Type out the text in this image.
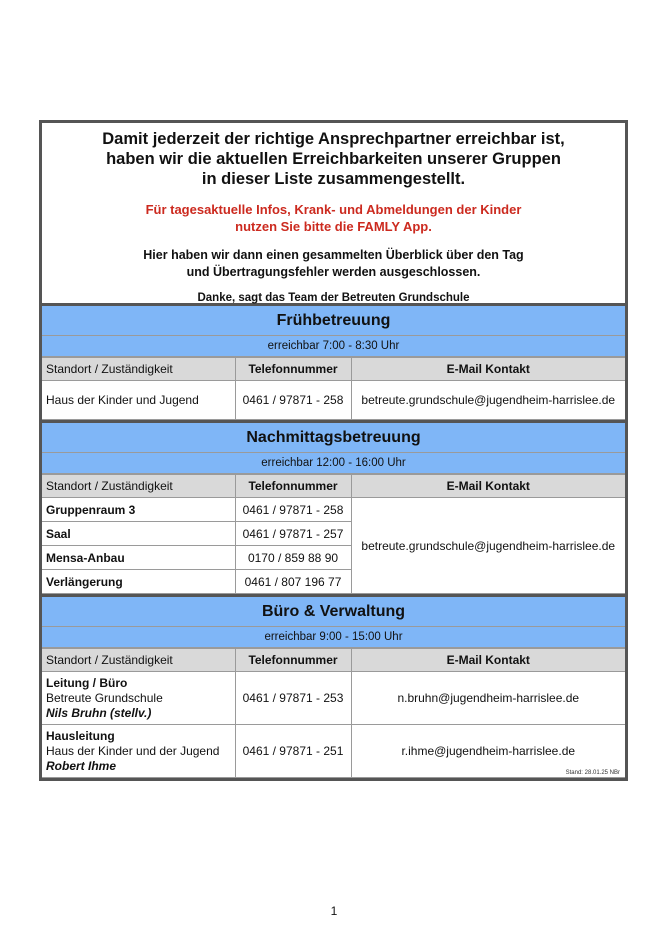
Damit jederzeit der richtige Ansprechpartner erreichbar ist,
haben wir die aktuellen Erreichbarkeiten unserer Gruppen
in dieser Liste zusammengestellt.
Für tagesaktuelle Infos, Krank- und Abmeldungen der Kinder
nutzen Sie bitte die FAMLY App.
Hier haben wir dann einen gesammelten Überblick über den Tag
und Übertragungsfehler werden ausgeschlossen.
Danke, sagt das Team der Betreuten Grundschule
Frühbetreuung
erreichbar 7:00 - 8:30 Uhr
Standort / Zuständigkeit	Telefonnummer	E-Mail Kontakt
Haus der Kinder und Jugend	0461 / 97871 - 258	betreute.grundschule@jugendheim-harrislee.de
Nachmittagsbetreuung
erreichbar 12:00 - 16:00 Uhr
Standort / Zuständigkeit	Telefonnummer	E-Mail Kontakt
Gruppenraum 3	0461 / 97871 - 258	betreute.grundschule@jugendheim-harrislee.de
Saal	0461 / 97871 - 257	
Mensa-Anbau	0170 / 859 88 90	
Verlängerung	0461 / 807 196 77	
Büro & Verwaltung
erreichbar 9:00 - 15:00 Uhr
Standort / Zuständigkeit	Telefonnummer	E-Mail Kontakt

Leitung / Büro
Betreute Grundschule
Nils Bruhn (stellv.)	0461 / 97871 - 253	n.bruhn@jugendheim-harrislee.de

Hausleitung
Haus der Kinder und der Jugend
Robert Ihme	0461 / 97871 - 251	r.ihme@jugendheim-harrislee.de
Stand: 28.01.25 NBr
1
